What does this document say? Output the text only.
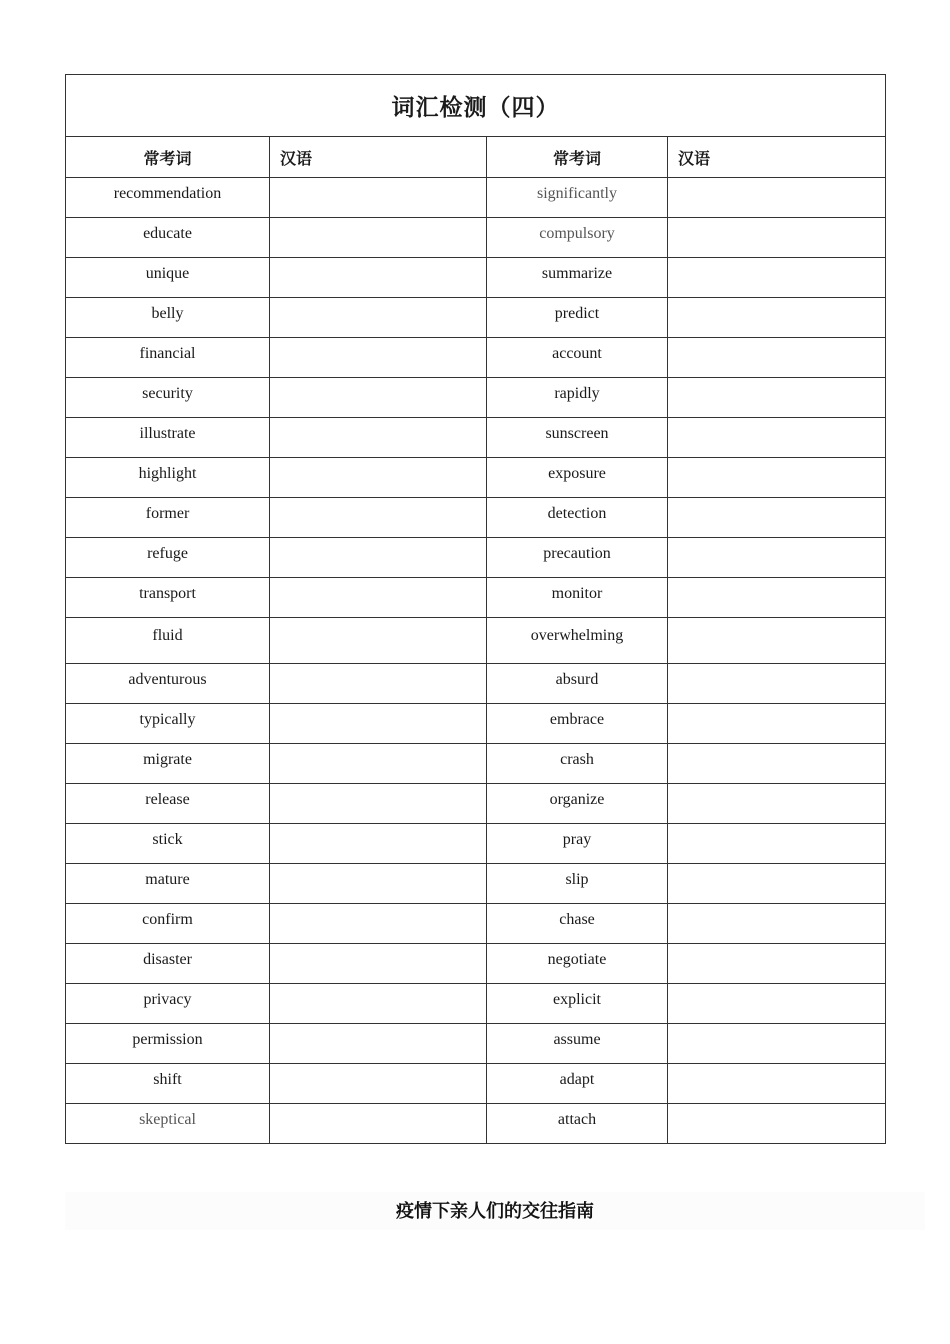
词汇检测（四）			
常考词	汉语	常考词	汉语
recommendation		significantly	
educate		compulsory	
unique		summarize	
belly		predict	
financial		account	
security		rapidly	
illustrate		sunscreen	
highlight		exposure	
former		detection	
refuge		precaution	
transport		monitor	
fluid		overwhelming	
adventurous		absurd	
typically		embrace	
migrate		crash	
release		organize	
stick		pray	
mature		slip	
confirm		chase	
disaster		negotiate	
privacy		explicit	
permission		assume	
shift		adapt	
skeptical		attach	
疫情下亲人们的交往指南
